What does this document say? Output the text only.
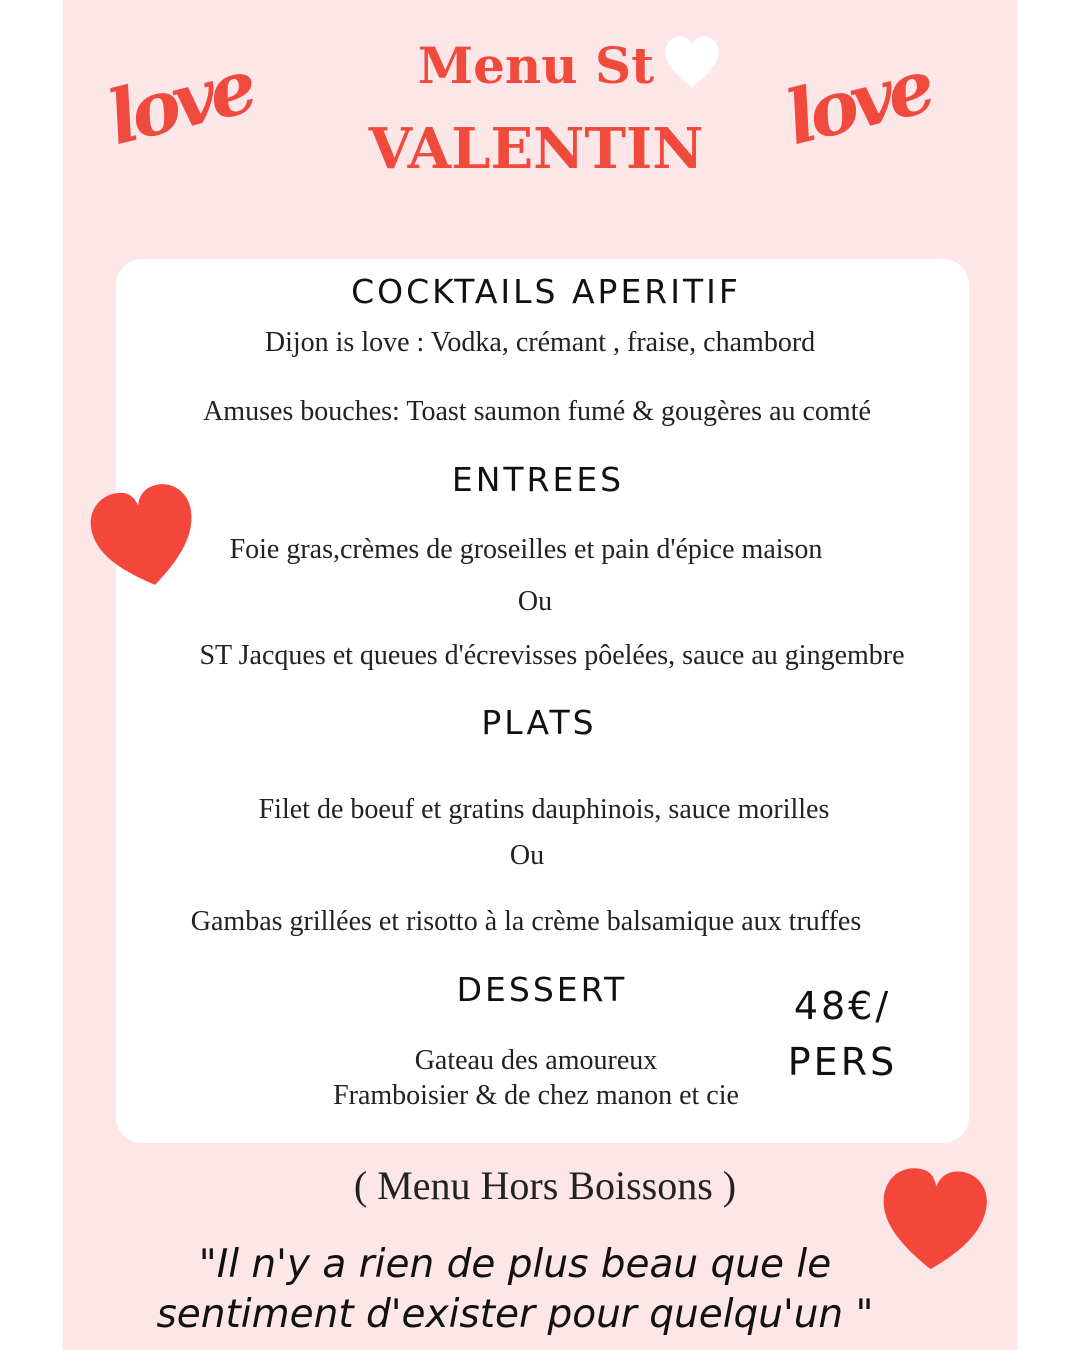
Menu St
VALENTIN
love	love
COCKTAILS APERITIF
Dijon is love : Vodka, crémant , fraise, chambord
Amuses bouches: Toast saumon fumé & gougères au comté
ENTREES
Foie gras,crèmes de groseilles et pain d'épice maison
Ou
ST Jacques et queues d'écrevisses pôelées, sauce au gingembre
PLATS
Filet de boeuf et gratins dauphinois, sauce morilles
Ou
Gambas grillées et risotto à la crème balsamique aux truffes
DESSERT
Gateau des amoureux
Framboisier & de chez manon et cie
48€/
PERS
( Menu Hors Boissons )
"Il n'y a rien de plus beau que le
sentiment d'exister pour quelqu'un "
